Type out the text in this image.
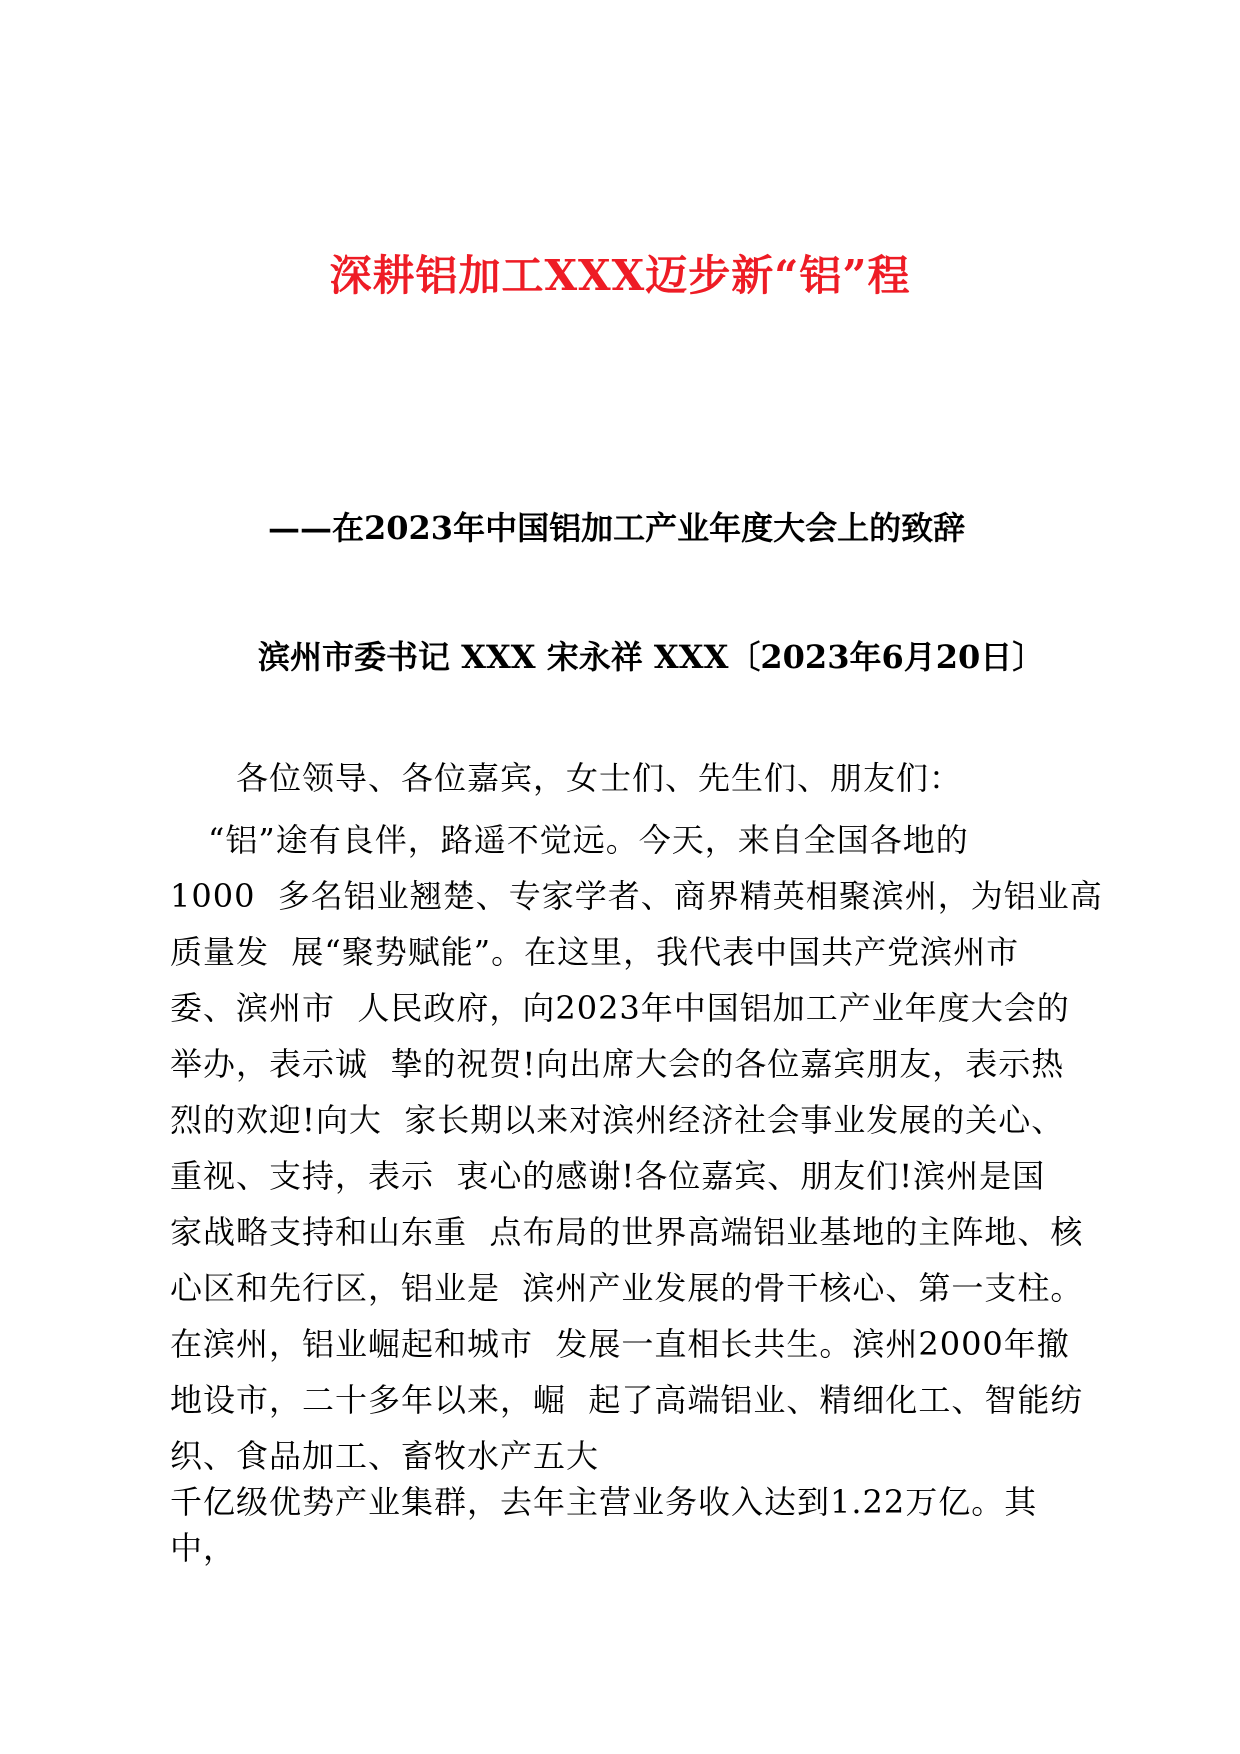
深耕铝加工XXX迈步新“铝”程
——在2023年中国铝加工产业年度大会上的致辞
滨州市委书记 XXX 宋永祥 XXX〔2023年6月20日〕
各位领导、各位嘉宾，女士们、先生们、朋友们：
“铝”途有良伴，路遥不觉远。今天，来自全国各地的
1000  多名铝业翘楚、专家学者、商界精英相聚滨州，为铝业高
质量发  展“聚势赋能”。在这里，我代表中国共产党滨州市
委、滨州市  人民政府，向2023年中国铝加工产业年度大会的
举办，表示诚  挚的祝贺!向出席大会的各位嘉宾朋友，表示热
烈的欢迎!向大  家长期以来对滨州经济社会事业发展的关心、
重视、支持，表示  衷心的感谢!各位嘉宾、朋友们!滨州是国
家战略支持和山东重  点布局的世界高端铝业基地的主阵地、核
心区和先行区，铝业是  滨州产业发展的骨干核心、第一支柱。
在滨州，铝业崛起和城市  发展一直相长共生。滨州2000年撤
地设市，二十多年以来，崛  起了高端铝业、精细化工、智能纺
织、食品加工、畜牧水产五大
千亿级优势产业集群，去年主营业务收入达到1.22万亿。其
中，
